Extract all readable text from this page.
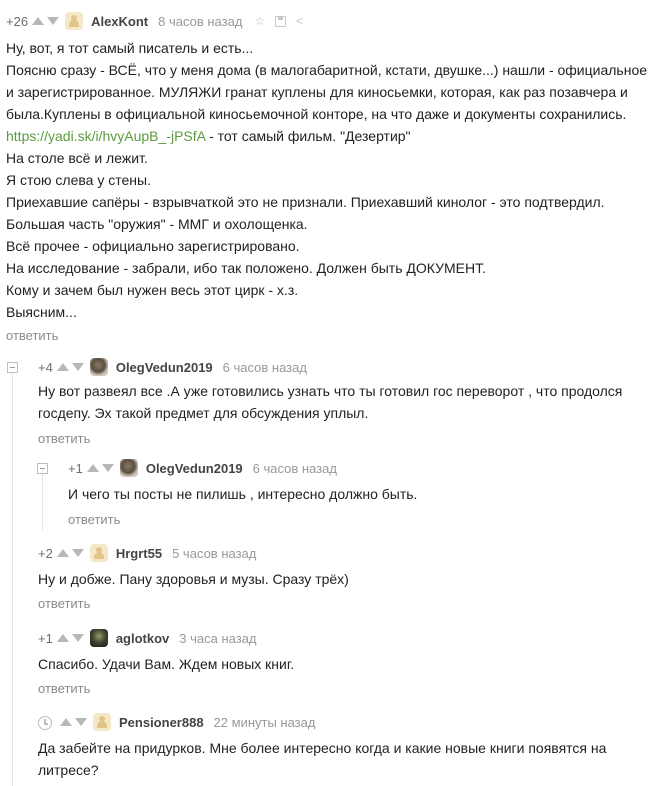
+26	AlexKont 8 часов назад ☆	<

Ну, вот, я тот самый писатель и есть...

Поясню сразу - ВСЁ, что у меня дома (в малогабаритной, кстати, двушке...) нашли - официальное

и зарегистрированное. МУЛЯЖИ гранат куплены для киносьемки, которая, как раз позавчера и

была.Куплены в официальной киносьемочной конторе, на что даже и документы сохранились.

https://yadi.sk/i/hvyAupB_-jPSfA - тот самый фильм. "Дезертир"

На столе всё и лежит.

Я стою слева у стены.

Приехавшие сапёры - взрывчаткой это не признали. Приехавший кинолог - это подтвердил.

Большая часть "оружия" - ММГ и охолощенка.

Всё прочее - официально зарегистрировано.

На исследование - забрали, ибо так положено. Должен быть ДОКУМЕНТ.

Кому и зачем был нужен весь этот цирк - х.з.

Выясним...

ответить
+4	OlegVedun2019 6 часов назад

Ну вот развеял все .А уже готовились узнать что ты готовил гос переворот , что продолся

госдепу. Эх такой предмет для обсуждения уплыл.

ответить
+1	OlegVedun2019 6 часов назад

И чего ты посты не пилишь , интересно должно быть.

ответить
+2	Hrgrt55 5 часов назад

Ну и добже. Пану здоровья и музы. Сразу трёх)

ответить
+1	aglotkov 3 часа назад

Спасибо. Удачи Вам. Ждем новых книг.

ответить
Pensioner888 22 минуты назад

Да забейте на придурков. Мне более интересно когда и какие новые книги появятся на

литресе?
